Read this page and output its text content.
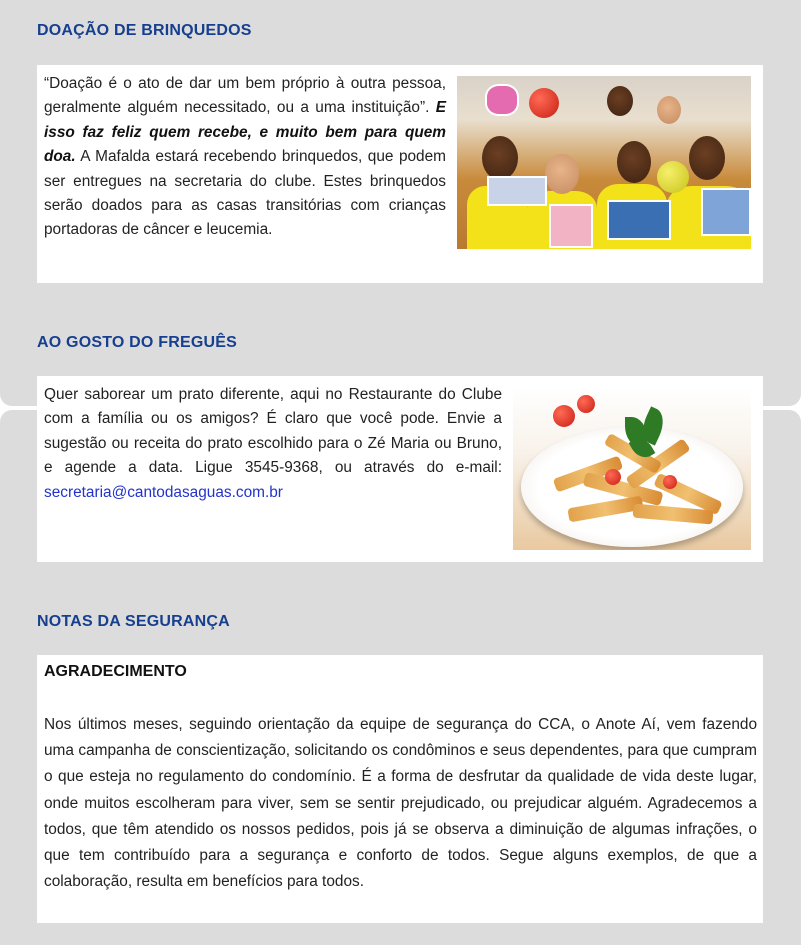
DOAÇÃO DE BRINQUEDOS

“Doação é o ato de dar um bem próprio à outra pessoa, geralmente alguém necessitado, ou a uma instituição”. E isso faz feliz quem recebe, e muito bem para quem doa. A Mafalda estará recebendo brinquedos, que podem ser entregues na secretaria do clube. Estes brinquedos serão doados para as casas transitórias com crianças portadoras de câncer e leucemia.

AO GOSTO DO FREGUÊS

Quer saborear um prato diferente, aqui no Restaurante do Clube com a família ou os amigos? É claro que você pode. Envie a sugestão ou receita do prato escolhido para o Zé Maria ou Bruno, e agende a data. Ligue 3545-9368, ou através do e-mail: secretaria@cantodasaguas.com.br

NOTAS DA SEGURANÇA
AGRADECIMENTO

Nos últimos meses, seguindo orientação da equipe de segurança do CCA, o Anote Aí, vem fazendo uma campanha de conscientização, solicitando os condôminos e seus dependentes, para que cumpram o que esteja no regulamento do condomínio. É a forma de desfrutar da qualidade de vida deste lugar, onde muitos escolheram para viver, sem se sentir prejudicado, ou prejudicar alguém. Agradecemos a todos, que têm atendido os nossos pedidos, pois já se observa a diminuição de algumas infrações, o que tem contribuído para a segurança e conforto de todos. Segue alguns exemplos, de que a colaboração, resulta em benefícios para todos.
